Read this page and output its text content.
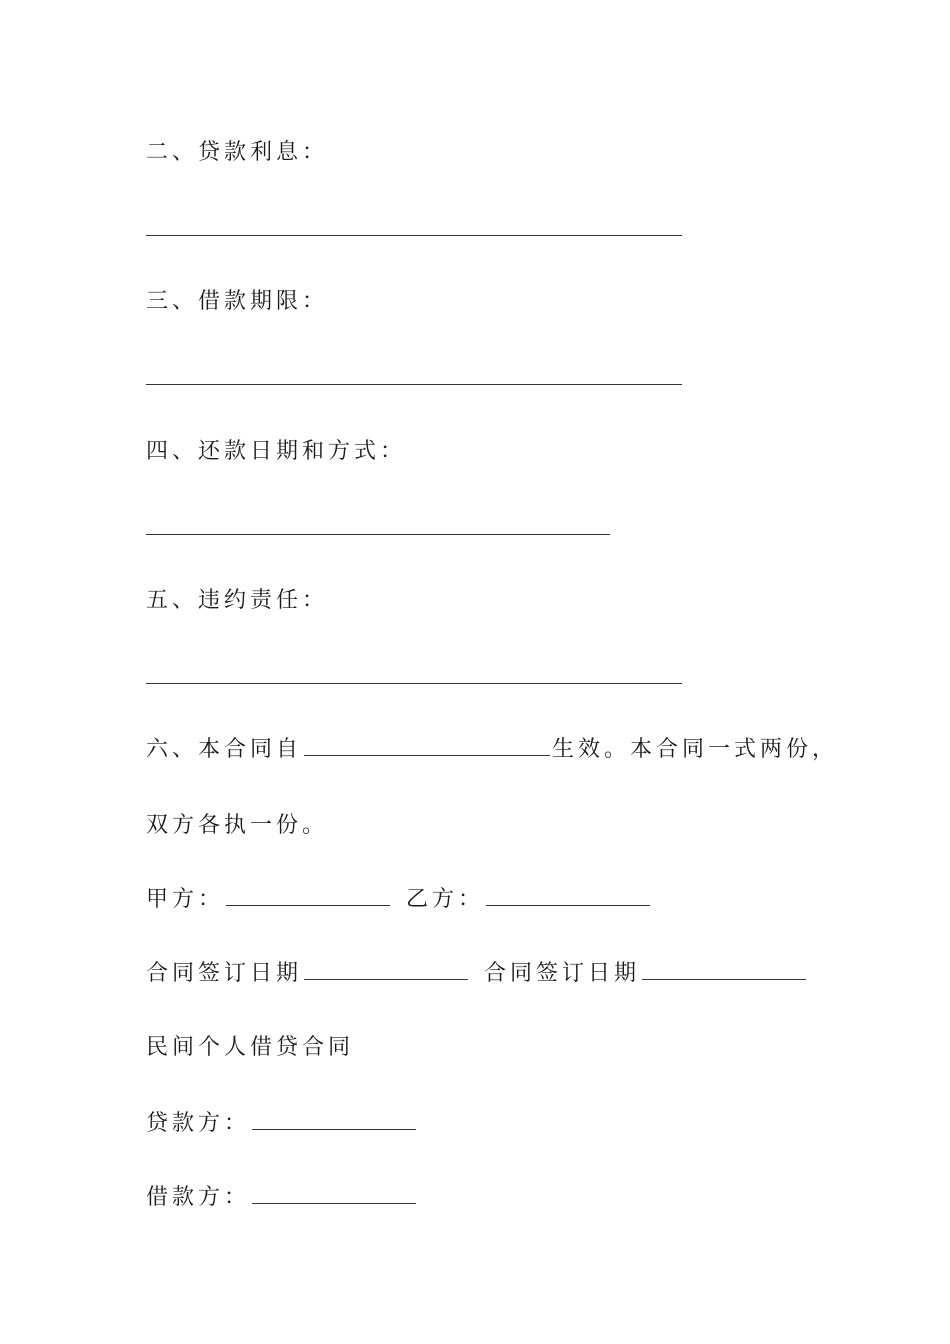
二、贷款利息：
三、借款期限：
四、还款日期和方式：
五、违约责任：
六、本合同自	生效。本合同一式两份，
双方各执一份。
甲方：	乙方：
合同签订日期	合同签订日期
民间个人借贷合同
贷款方：
借款方：
